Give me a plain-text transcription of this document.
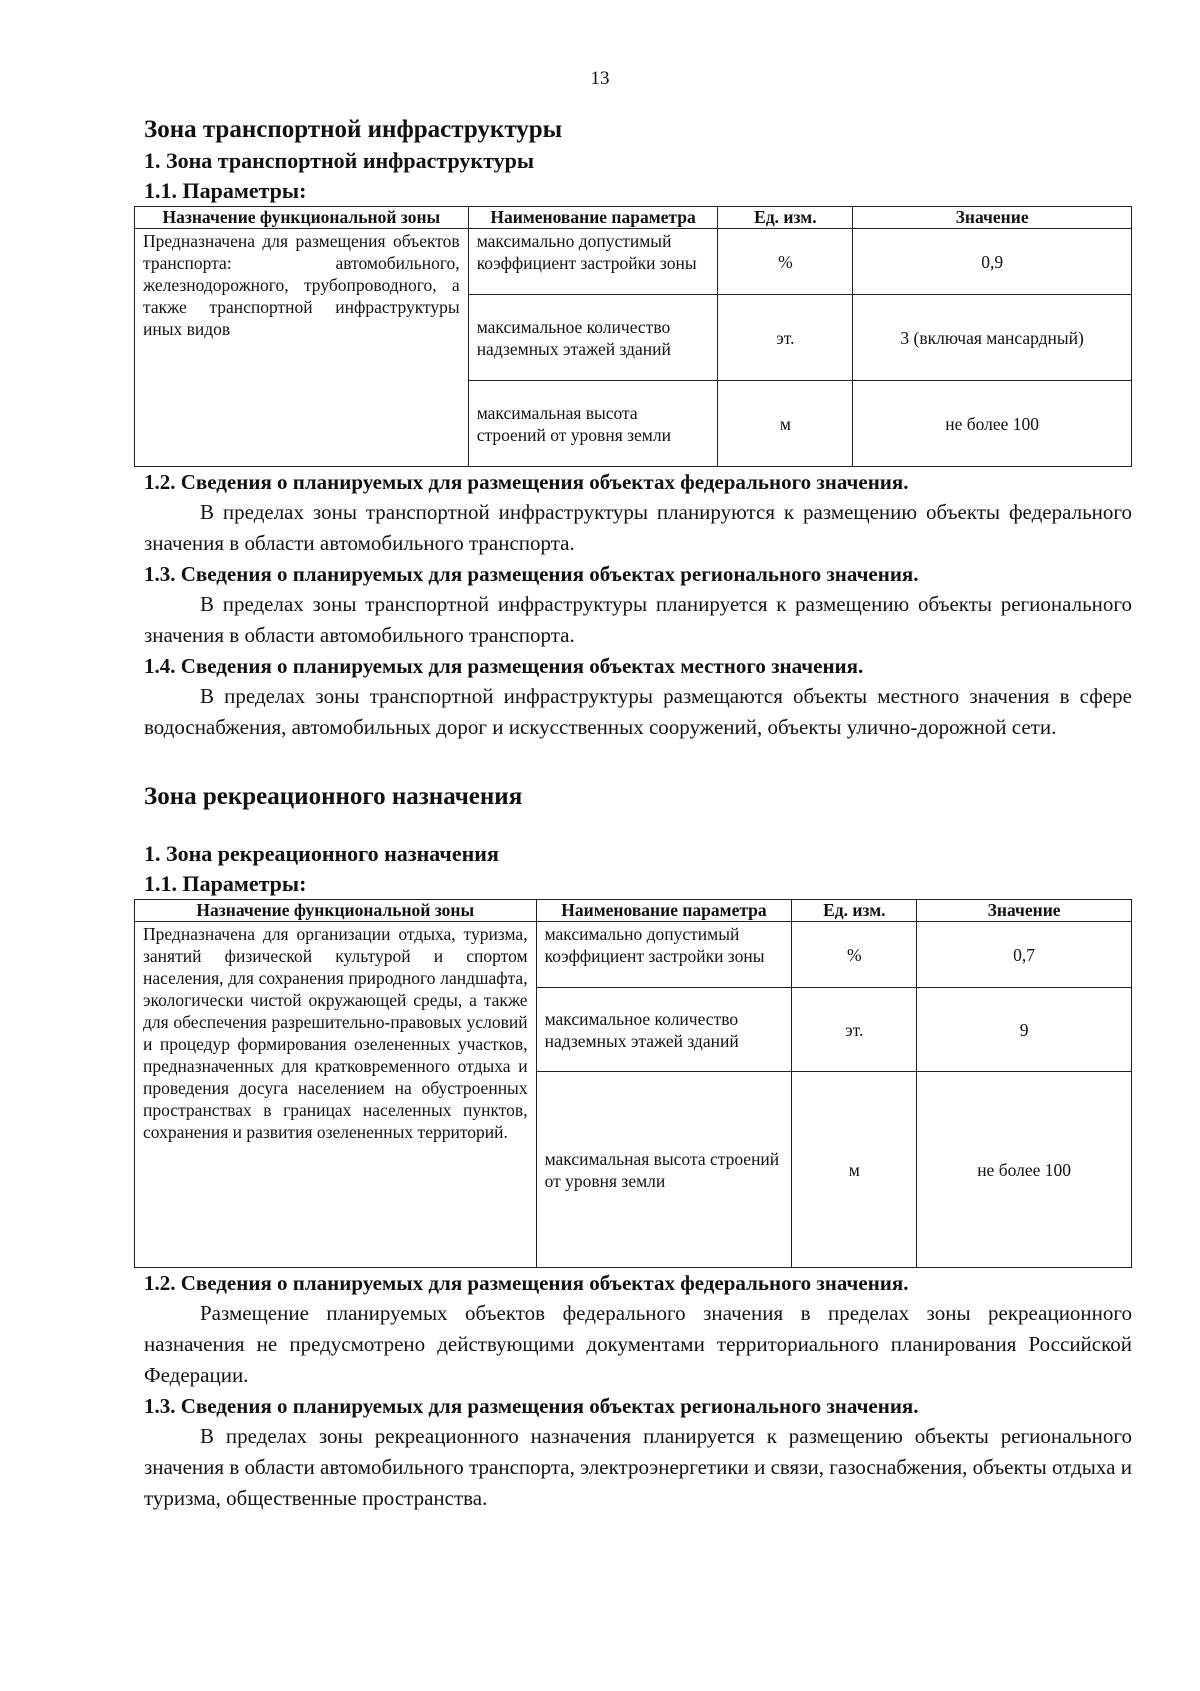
13
Зона транспортной инфраструктуры
1. Зона транспортной инфраструктуры
1.1. Параметры:
Назначение функциональной зоны	Наименование параметра	Ед. изм.	Значение
Предназначена для размещения объектов транспорта: автомобильного, железнодорожного, трубопроводного, а также транспортной инфраструктуры иных видов	максимально допустимый коэффициент застройки зоны	%	0,9
	максимальное количество надземных этажей зданий	эт.	3 (включая мансардный)
	максимальная высота строений от уровня земли	м	не более 100
1.2. Сведения о планируемых для размещения объектах федерального значения.

В пределах зоны транспортной инфраструктуры планируются к размещению объекты федерального значения в области автомобильного транспорта.

1.3. Сведения о планируемых для размещения объектах регионального значения.

В пределах зоны транспортной инфраструктуры планируется к размещению объекты регионального значения в области автомобильного транспорта.

1.4. Сведения о планируемых для размещения объектах местного значения.

В пределах зоны транспортной инфраструктуры размещаются объекты местного значения в сфере водоснабжения, автомобильных дорог и искусственных сооружений, объекты улично-дорожной сети.

Зона рекреационного назначения
1. Зона рекреационного назначения
1.1. Параметры:
Назначение функциональной зоны	Наименование параметра	Ед. изм.	Значение
Предназначена для организации отдыха, туризма, занятий физической культурой и спортом населения, для сохранения природного ландшафта, экологически чистой окружающей среды, а также для обеспечения разрешительно-правовых условий и процедур формирования озелененных участков, предназначенных для кратковременного отдыха и проведения досуга населением на обустроенных пространствах в границах населенных пунктов, сохранения и развития озелененных территорий.	максимально допустимый коэффициент застройки зоны	%	0,7
	максимальное количество надземных этажей зданий	эт.	9
	максимальная высота строений от уровня земли	м	не более 100
1.2. Сведения о планируемых для размещения объектах федерального значения.

Размещение планируемых объектов федерального значения в пределах зоны рекреационного назначения не предусмотрено действующими документами территориального планирования Российской Федерации.

1.3. Сведения о планируемых для размещения объектах регионального значения.

В пределах зоны рекреационного назначения планируется к размещению объекты регионального значения в области автомобильного транспорта, электроэнергетики и связи, газоснабжения, объекты отдыха и туризма, общественные пространства.
